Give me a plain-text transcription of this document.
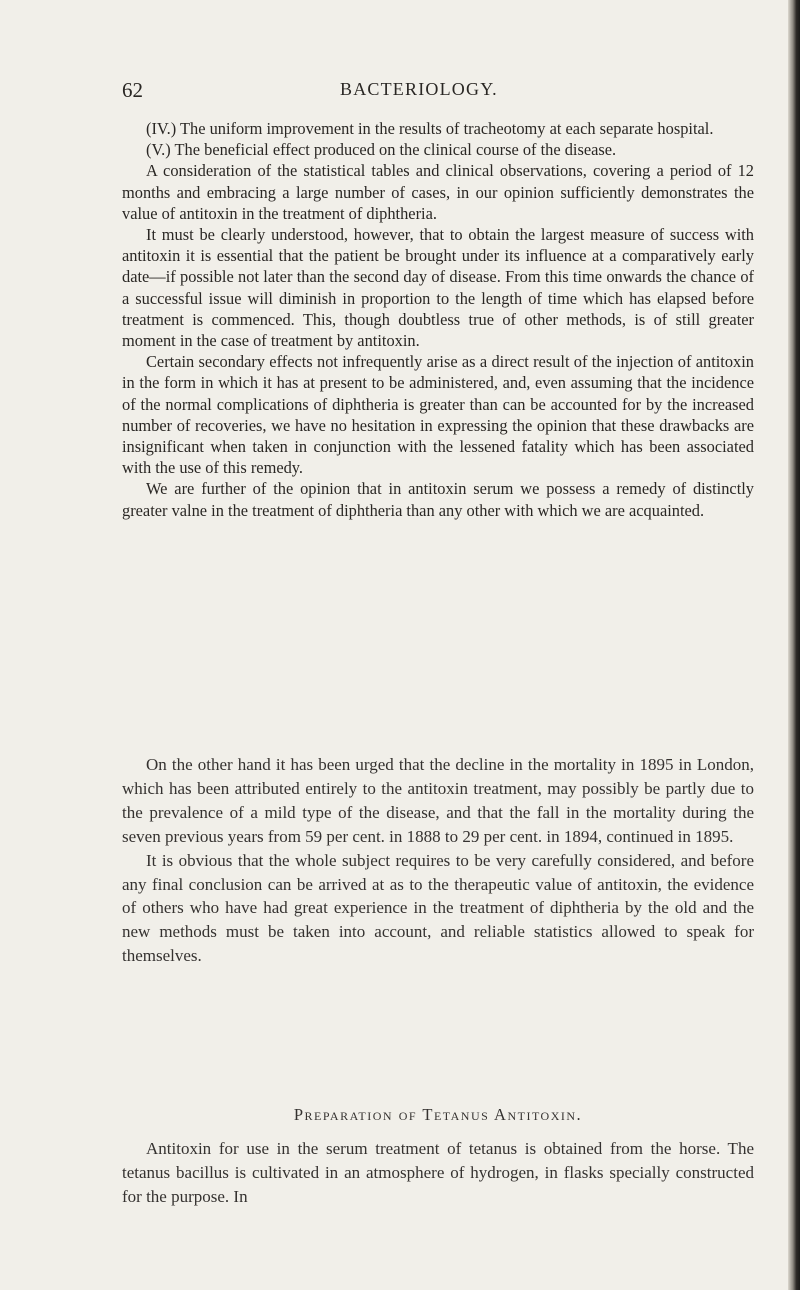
62	BACTERIOLOGY.

(IV.) The uniform improvement in the results of tracheotomy at each separate hospital.

(V.) The beneficial effect produced on the clinical course of the disease.

A consideration of the statistical tables and clinical observations, covering a period of 12 months and embracing a large number of cases, in our opinion sufficiently demonstrates the value of antitoxin in the treatment of diphtheria.

It must be clearly understood, however, that to obtain the largest measure of success with antitoxin it is essential that the patient be brought under its influence at a comparatively early date—if possible not later than the second day of disease. From this time onwards the chance of a successful issue will diminish in proportion to the length of time which has elapsed before treatment is commenced. This, though doubtless true of other methods, is of still greater moment in the case of treatment by antitoxin.

Certain secondary effects not infrequently arise as a direct result of the injection of antitoxin in the form in which it has at present to be administered, and, even assuming that the incidence of the normal complications of diphtheria is greater than can be accounted for by the increased number of recoveries, we have no hesitation in expressing the opinion that these drawbacks are insignificant when taken in conjunction with the lessened fatality which has been associated with the use of this remedy.

We are further of the opinion that in antitoxin serum we possess a remedy of distinctly greater valne in the treatment of diphtheria than any other with which we are acquainted.

On the other hand it has been urged that the decline in the mortality in 1895 in London, which has been attributed entirely to the antitoxin treatment, may possibly be partly due to the prevalence of a mild type of the disease, and that the fall in the mortality during the seven previous years from 59 per cent. in 1888 to 29 per cent. in 1894, continued in 1895.

It is obvious that the whole subject requires to be very carefully considered, and before any final conclusion can be arrived at as to the therapeutic value of antitoxin, the evidence of others who have had great experience in the treatment of diphtheria by the old and the new methods must be taken into account, and reliable statistics allowed to speak for themselves.

Preparation of Tetanus Antitoxin.

Antitoxin for use in the serum treatment of tetanus is obtained from the horse. The tetanus bacillus is cultivated in an atmosphere of hydrogen, in flasks specially constructed for the purpose. In
